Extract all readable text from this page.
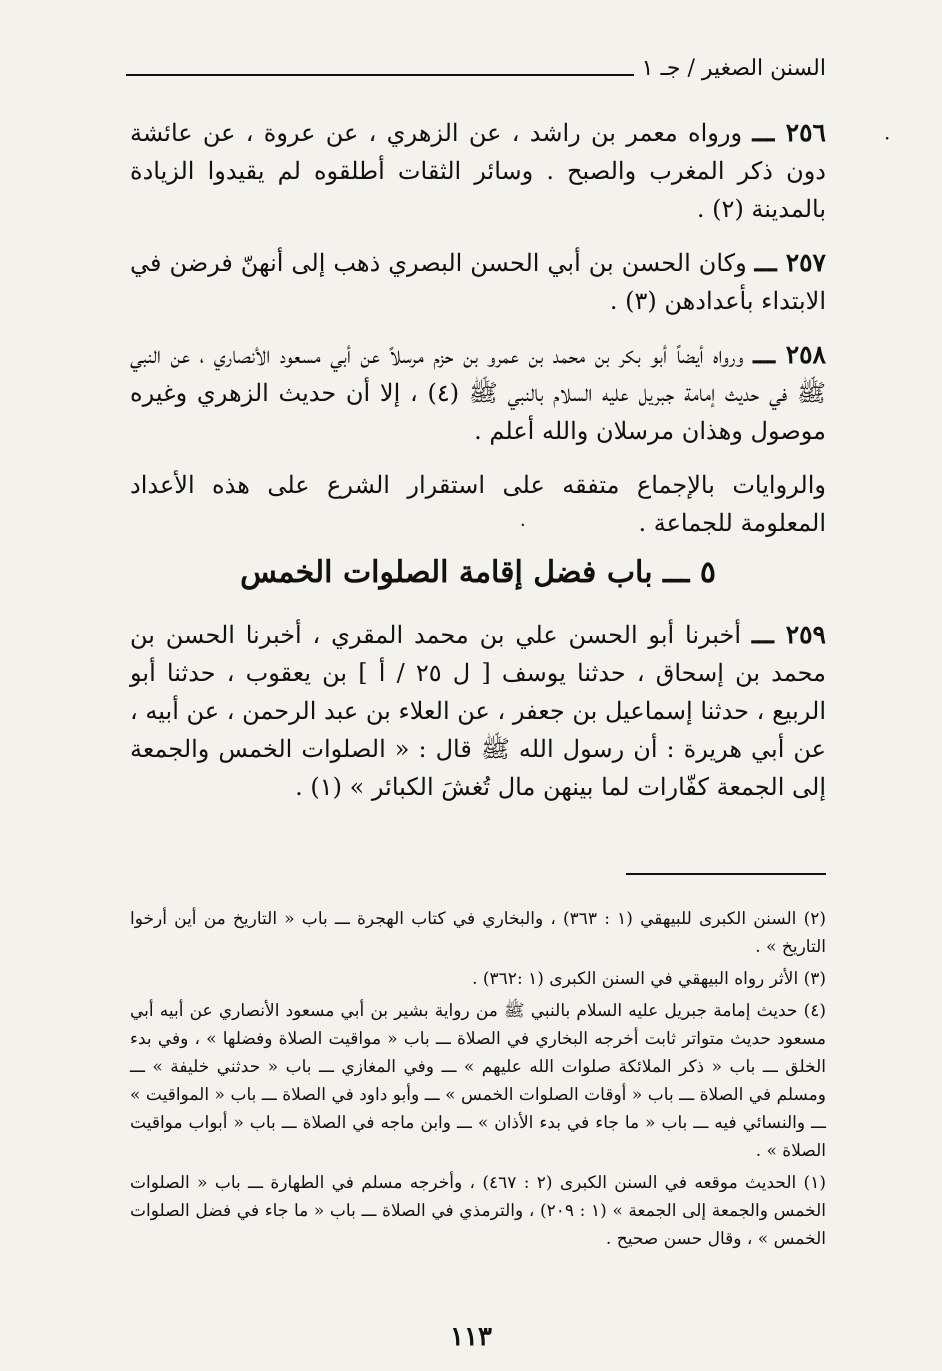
السنن الصغير / جـ ١
·

٢٥٦ ـــ ورواه معمر بن راشد ، عن الزهري ، عن عروة ، عن عائشة دون ذكر المغرب والصبح . وسائر الثقات أطلقوه لم يقيدوا الزيادة بالمدينة (٢) .

٢٥٧ ـــ وكان الحسن بن أبي الحسن البصري ذهب إلى أنهنّ فرضن في الابتداء بأعدادهن (٣) .

٢٥٨ ـــ ورواه أيضاً أبو بكر بن محمد بن عمرو بن حزم مرسلاً عن أبي مسعود الأنصاري ، عن النبي ﷺ في حديث إمامة جبريل عليه السلام بالنبي ﷺ (٤) ، إلا أن حديث الزهري وغيره موصول وهذان مرسلان والله أعلم .

والروايات بالإجماع متفقه على استقرار الشرع على هذه الأعداد المعلومة للجماعة .

·
٥ ـــ باب فضل إقامة الصلوات الخمس

٢٥٩ ـــ أخبرنا أبو الحسن علي بن محمد المقري ، أخبرنا الحسن بن محمد بن إسحاق ، حدثنا يوسف [ ل ٢٥ / أ ] بن يعقوب ، حدثنا أبو الربيع ، حدثنا إسماعيل بن جعفر ، عن العلاء بن عبد الرحمن ، عن أبيه ، عن أبي هريرة : أن رسول الله ﷺ قال : « الصلوات الخمس والجمعة إلى الجمعة كفّارات لما بينهن مال تُغشَ الكبائر » (١) .

(٢) السنن الكبرى للبيهقي (١ : ٣٦٣) ، والبخاري في كتاب الهجرة ـــ باب « التاريخ من أين أرخوا التاريخ » .

(٣) الأثر رواه البيهقي في السنن الكبرى (١ :٣٦٢) .

(٤) حديث إمامة جبريل عليه السلام بالنبي ﷺ من رواية بشير بن أبي مسعود الأنصاري عن أبيه أبي مسعود حديث متواتر ثابت أخرجه البخاري في الصلاة ـــ باب « مواقيت الصلاة وفضلها » ، وفي بدء الخلق ـــ باب « ذكر الملائكة صلوات الله عليهم » ـــ وفي المغازي ـــ باب « حدثني خليفة » ـــ ومسلم في الصلاة ـــ باب « أوقات الصلوات الخمس » ـــ وأبو داود في الصلاة ـــ باب « المواقيت » ـــ والنسائي فيه ـــ باب « ما جاء في بدء الأذان » ـــ وابن ماجه في الصلاة ـــ باب « أبواب مواقيت الصلاة » .

(١) الحديث موقعه في السنن الكبرى (٢ : ٤٦٧) ، وأخرجه مسلم في الطهارة ـــ باب « الصلوات الخمس والجمعة إلى الجمعة » (١ : ٢٠٩) ، والترمذي في الصلاة ـــ باب « ما جاء في فضل الصلوات الخمس » ، وقال حسن صحيح .

١١٣
